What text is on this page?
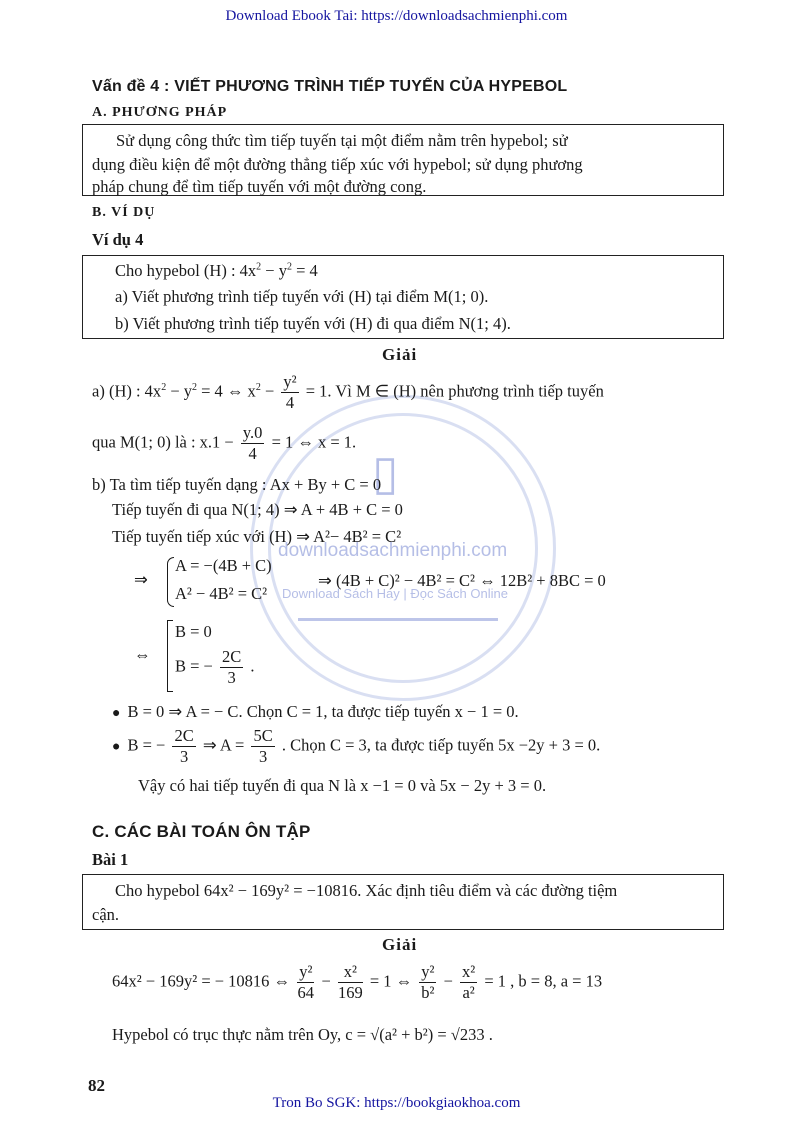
Download Ebook Tai: https://downloadsachmienphi.com
▯
downloadsachmienphi.com
Download Sách Hay | Đọc Sách Online
Vấn đề 4 : VIẾT PHƯƠNG TRÌNH TIẾP TUYẾN CỦA HYPEBOL
A. PHƯƠNG PHÁP
Sử dụng công thức tìm tiếp tuyến tại một điểm nằm trên hypebol; sử
dụng điều kiện để một đường thẳng tiếp xúc với hypebol; sử dụng phương
pháp chung để tìm tiếp tuyến với một đường cong.
B. VÍ DỤ
Ví dụ 4
Cho hypebol (H) : $4x^2 - y^2 = 4$
a) Viết phương trình tiếp tuyến với (H) tại điểm M(1; 0).
b) Viết phương trình tiếp tuyến với (H) đi qua điểm N(1; 4).
Giải
a) (H) : $4x^2 - y^2 = 4$ ⇔ $x^2 - \frac{\text{y²}}{4} = 1$. Vì M ∈ (H) nên phương trình tiếp tuyến
qua M(1; 0) là : $x.1 - \frac{y.0}{4} = 1$ ⇔ x = 1.
b) Ta tìm tiếp tuyến dạng : Ax + By + C = 0
Tiếp tuyến đi qua N(1; 4) ⇒ A + 4B + C = 0
Tiếp tuyến tiếp xúc với (H) ⇒ A²− 4B² = C²
⇒
A = −(4B + C)
A² − 4B² = C²
⇒ (4B + C)² − 4B² = C² ⇔ 12B² + 8BC = 0
⇔
B = 0
B = − $\frac{2C}{3}$ .
●  B = 0 ⇒ A = − C. Chọn C = 1, ta được tiếp tuyến x − 1 = 0.
●  B = − $\frac{2C}{3}$ ⇒ $A = \frac{5C}{3}$ . Chọn C = 3, ta được tiếp tuyến 5x −2y + 3 = 0.
Vậy có hai tiếp tuyến đi qua N là x −1 = 0 và 5x − 2y + 3 = 0.
C. CÁC BÀI TOÁN ÔN TẬP
Bài 1
Cho hypebol 64x² − 169y² = −10816. Xác định tiêu điểm và các đường tiệm
cận.
Giải
64x² − 169y² = − 10816 ⇔ $\frac{\text{y²}}{64} - \frac{\text{x²}}{169} = 1$ ⇔ $\frac{\text{y²}}{\text{b²}} - \frac{\text{x²}}{\text{a²}} = 1$ , b = 8, a = 13
Hypebol có trục thực nằm trên Oy, c = √(a² + b²) = √233 .
82
Tron Bo SGK: https://bookgiaokhoa.com
